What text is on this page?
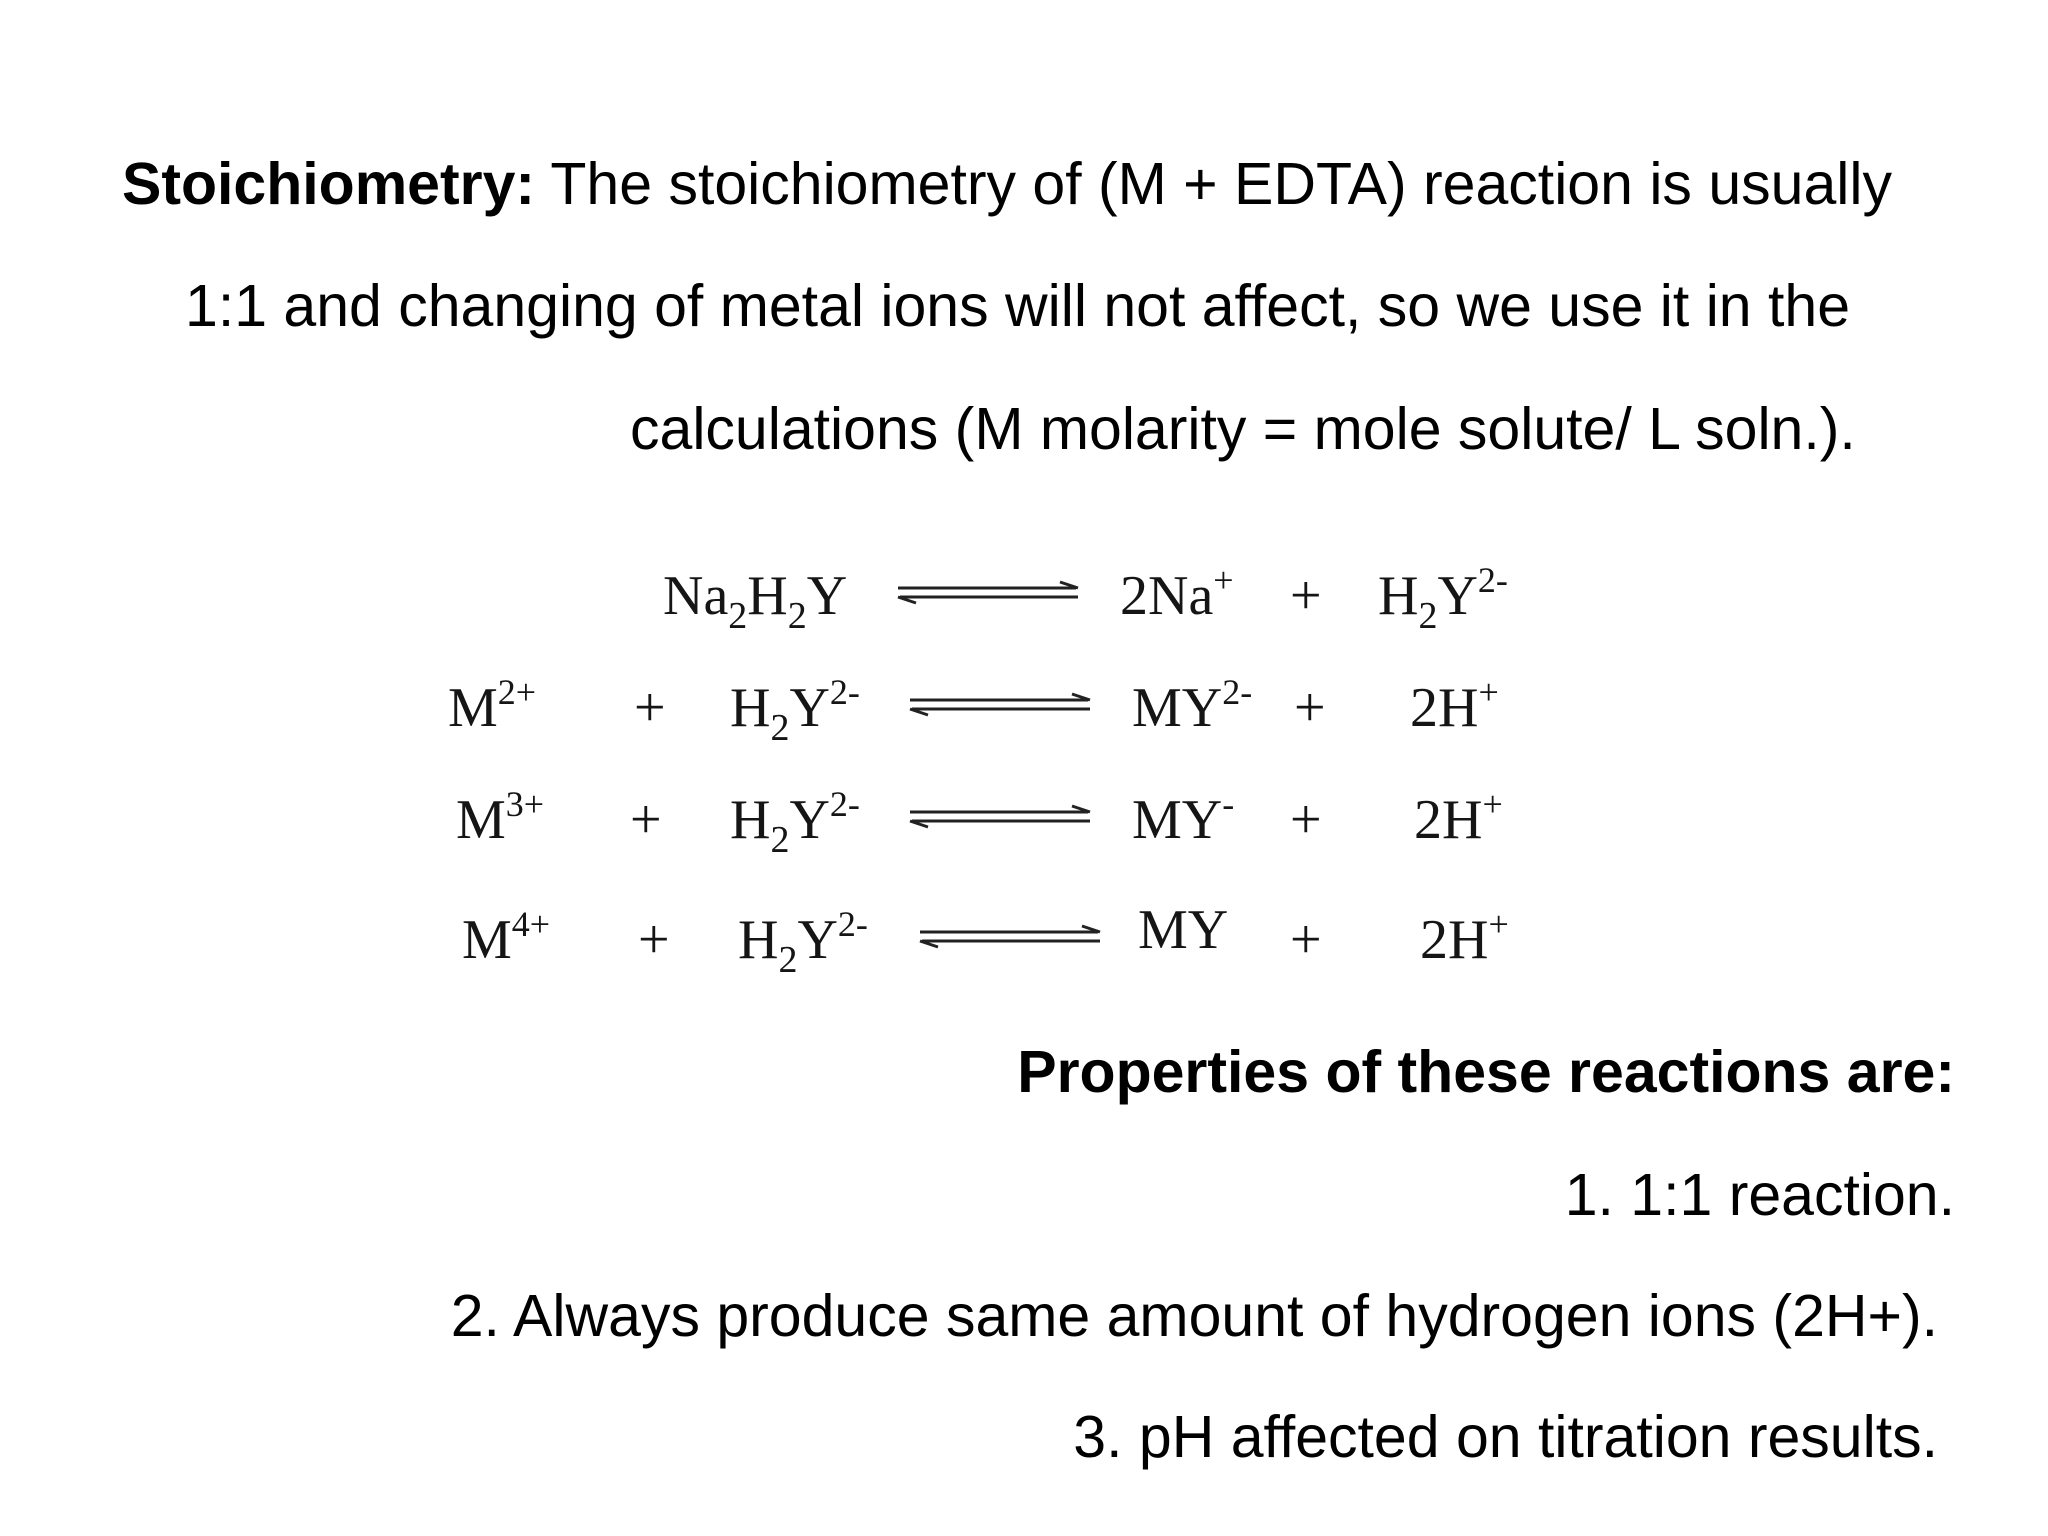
Stoichiometry: The stoichiometry of (M + EDTA) reaction is usually
1:1 and changing of metal ions will not affect, so we use it in the
calculations (M molarity = mole solute/ L soln.).
$Na_2H_2Y$ ⇌ $2Na^+ + H_2Y^{2-}$
$M^{2+} + H_2Y^{2-}$ ⇌ $MY^{2-} + 2H^+$
$M^{3+} + H_2Y^{2-}$ ⇌ MY- + 2H+
$M^{4+} + H_2Y^{2-}$ ⇌ MY + 2H+
Properties of these reactions are:
1. 1:1 reaction.
2. Always produce same amount of hydrogen ions (2H+).
3. pH affected on titration results.
